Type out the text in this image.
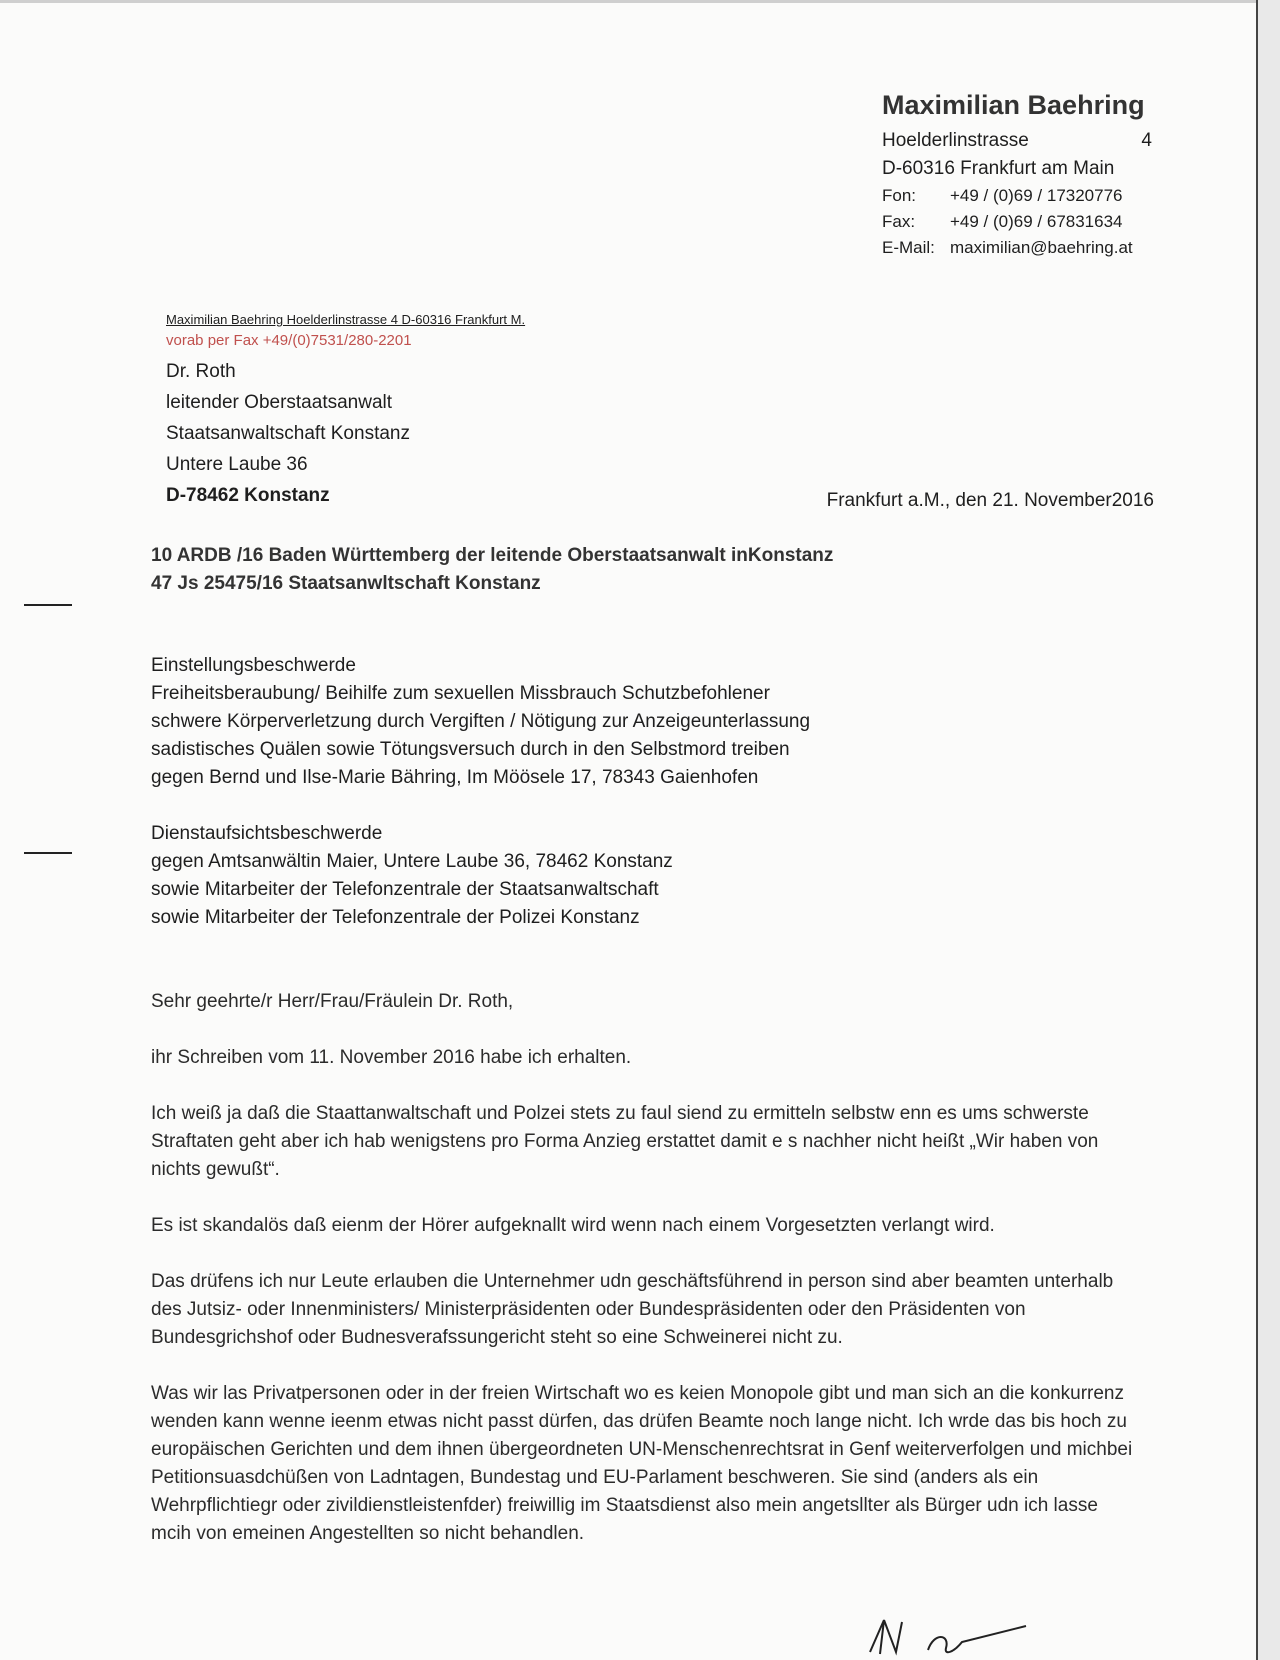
Maximilian Baehring
Hoelderlinstrasse	4
D-60316 Frankfurt am Main
Fon:	+49 / (0)69 / 17320776
Fax:	+49 / (0)69 / 67831634
E-Mail: maximilian@baehring.at
Maximilian Baehring Hoelderlinstrasse 4 D-60316 Frankfurt M.
vorab per Fax +49/(0)7531/280-2201
Dr. Roth
leitender Oberstaatsanwalt
Staatsanwaltschaft Konstanz
Untere Laube 36
D-78462 Konstanz	Frankfurt a.M., den 21. November2016
10 ARDB /16 Baden Württemberg der leitende Oberstaatsanwalt inKonstanz
47 Js 25475/16 Staatsanwltschaft Konstanz
Einstellungsbeschwerde
Freiheitsberaubung/ Beihilfe zum sexuellen Missbrauch Schutzbefohlener
schwere Körperverletzung durch Vergiften / Nötigung zur Anzeigeunterlassung
sadistisches Quälen sowie Tötungsversuch durch in den Selbstmord treiben
gegen Bernd und Ilse-Marie Bähring, Im Möösele 17, 78343 Gaienhofen
Dienstaufsichtsbeschwerde
gegen Amtsanwältin Maier, Untere Laube 36, 78462 Konstanz
sowie Mitarbeiter der Telefonzentrale der Staatsanwaltschaft
sowie Mitarbeiter der Telefonzentrale der Polizei Konstanz

Sehr geehrte/r Herr/Frau/Fräulein Dr. Roth,

ihr Schreiben vom 11. November 2016 habe ich erhalten.

Ich weiß ja daß die Staattanwaltschaft und Polzei stets zu faul siend zu ermitteln selbstw enn es ums schwerste Straftaten geht aber ich hab wenigstens pro Forma Anzieg erstattet damit e s nachher nicht heißt „Wir haben von nichts gewußt“.

Es ist skandalös daß eienm der Hörer aufgeknallt wird wenn nach einem Vorgesetzten verlangt wird.

Das drüfens ich nur Leute erlauben die Unternehmer udn geschäftsführend in person sind aber beamten unterhalb des Jutsiz- oder Innenministers/ Ministerpräsidenten oder Bundespräsidenten oder den Präsidenten von Bundesgrichshof oder Budnesverafssungericht steht so eine Schweinerei nicht zu.

Was wir las Privatpersonen oder in der freien Wirtschaft wo es keien Monopole gibt und man sich an die konkurrenz wenden kann wenne ieenm etwas nicht passt dürfen, das drüfen Beamte noch lange nicht. Ich wrde das bis hoch zu europäischen Gerichten und dem ihnen übergeordneten UN-Menschenrechtsrat in Genf weiterverfolgen und michbei Petitionsuasdchüßen von Ladntagen, Bundestag und EU-Parlament beschweren. Sie sind (anders als ein Wehrpflichtiegr oder zivildienstleistenfder) freiwillig im Staatsdienst also mein angetsllter als Bürger udn ich lasse mcih von emeinen Angestellten so nicht behandlen.
